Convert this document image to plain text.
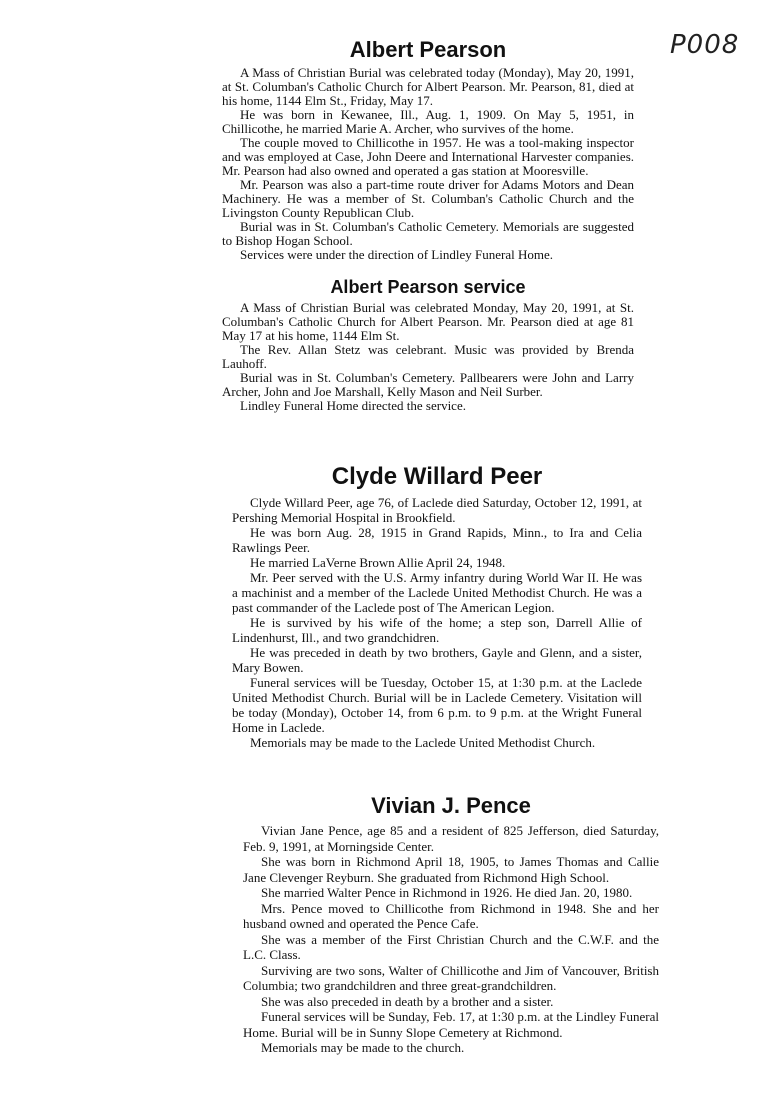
P008
Albert Pearson

A Mass of Christian Burial was celebrated today (Monday), May 20, 1991, at St. Columban's Catholic Church for Albert Pearson. Mr. Pearson, 81, died at his home, 1144 Elm St., Friday, May 17.

He was born in Kewanee, Ill., Aug. 1, 1909. On May 5, 1951, in Chillicothe, he married Marie A. Archer, who survives of the home.

The couple moved to Chillicothe in 1957. He was a tool-making inspector and was employed at Case, John Deere and International Harvester companies. Mr. Pearson had also owned and operated a gas station at Mooresville.

Mr. Pearson was also a part-time route driver for Adams Motors and Dean Machinery. He was a member of St. Columban's Catholic Church and the Livingston County Republican Club.

Burial was in St. Columban's Catholic Cemetery. Memorials are suggested to Bishop Hogan School.

Services were under the direction of Lindley Funeral Home.

Albert Pearson service

A Mass of Christian Burial was celebrated Monday, May 20, 1991, at St. Columban's Catholic Church for Albert Pearson. Mr. Pearson died at age 81 May 17 at his home, 1144 Elm St.

The Rev. Allan Stetz was celebrant. Music was provided by Brenda Lauhoff.

Burial was in St. Columban's Cemetery. Pallbearers were John and Larry Archer, John and Joe Marshall, Kelly Mason and Neil Surber.

Lindley Funeral Home directed the service.

Clyde Willard Peer

Clyde Willard Peer, age 76, of Laclede died Saturday, October 12, 1991, at Pershing Memorial Hospital in Brookfield.

He was born Aug. 28, 1915 in Grand Rapids, Minn., to Ira and Celia Rawlings Peer.

He married LaVerne Brown Allie April 24, 1948.

Mr. Peer served with the U.S. Army infantry during World War II. He was a machinist and a member of the Laclede United Methodist Church. He was a past commander of the Laclede post of The American Legion.

He is survived by his wife of the home; a step son, Darrell Allie of Lindenhurst, Ill., and two grandchidren.

He was preceded in death by two brothers, Gayle and Glenn, and a sister, Mary Bowen.

Funeral services will be Tuesday, October 15, at 1:30 p.m. at the Laclede United Methodist Church. Burial will be in Laclede Cemetery. Visitation will be today (Monday), October 14, from 6 p.m. to 9 p.m. at the Wright Funeral Home in Laclede.

Memorials may be made to the Laclede United Methodist Church.

Vivian J. Pence

Vivian Jane Pence, age 85 and a resident of 825 Jefferson, died Saturday, Feb. 9, 1991, at Morningside Center.

She was born in Richmond April 18, 1905, to James Thomas and Callie Jane Clevenger Reyburn. She graduated from Richmond High School.

She married Walter Pence in Richmond in 1926. He died Jan. 20, 1980.

Mrs. Pence moved to Chillicothe from Richmond in 1948. She and her husband owned and operated the Pence Cafe.

She was a member of the First Christian Church and the C.W.F. and the L.C. Class.

Surviving are two sons, Walter of Chillicothe and Jim of Vancouver, British Columbia; two grandchildren and three great-grandchildren.

She was also preceded in death by a brother and a sister.

Funeral services will be Sunday, Feb. 17, at 1:30 p.m. at the Lindley Funeral Home. Burial will be in Sunny Slope Cemetery at Richmond.

Memorials may be made to the church.
